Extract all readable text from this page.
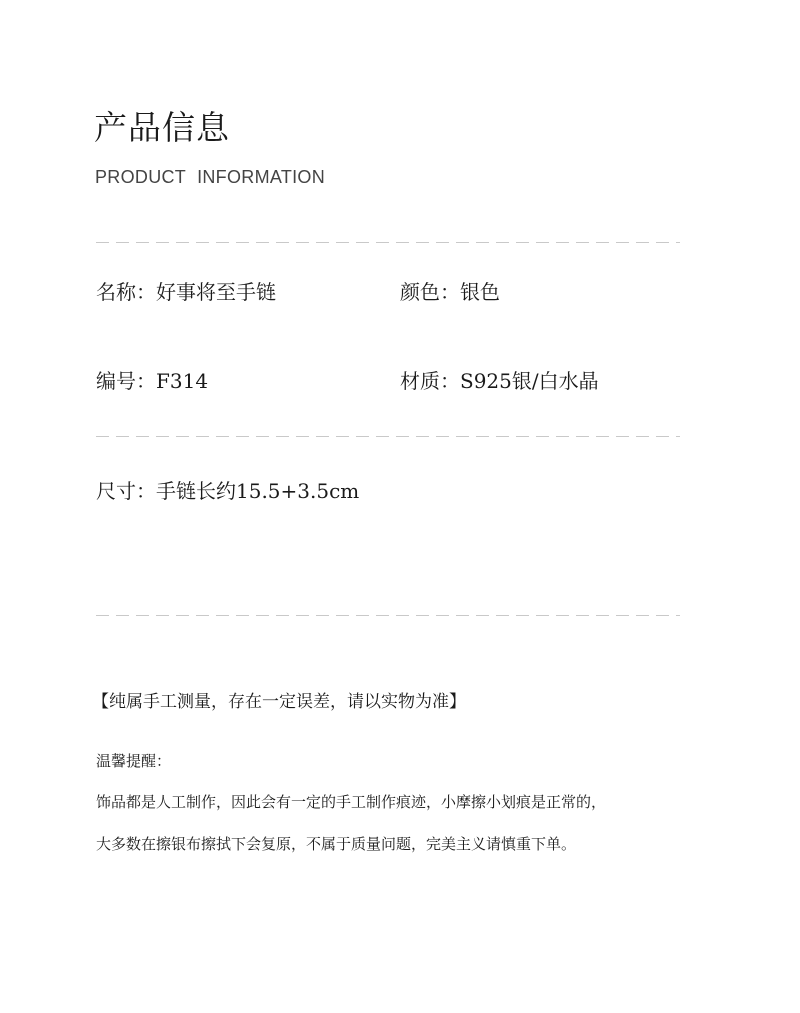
产品信息
PRODUCT INFORMATION
名称：好事将至手链	颜色：银色
编号：F314	材质：S925银/白水晶
尺寸：手链长约15.5+3.5cm
【纯属手工测量，存在一定误差，请以实物为准】
温馨提醒：
饰品都是人工制作，因此会有一定的手工制作痕迹，小摩擦小划痕是正常的，
大多数在擦银布擦拭下会复原，不属于质量问题，完美主义请慎重下单。
